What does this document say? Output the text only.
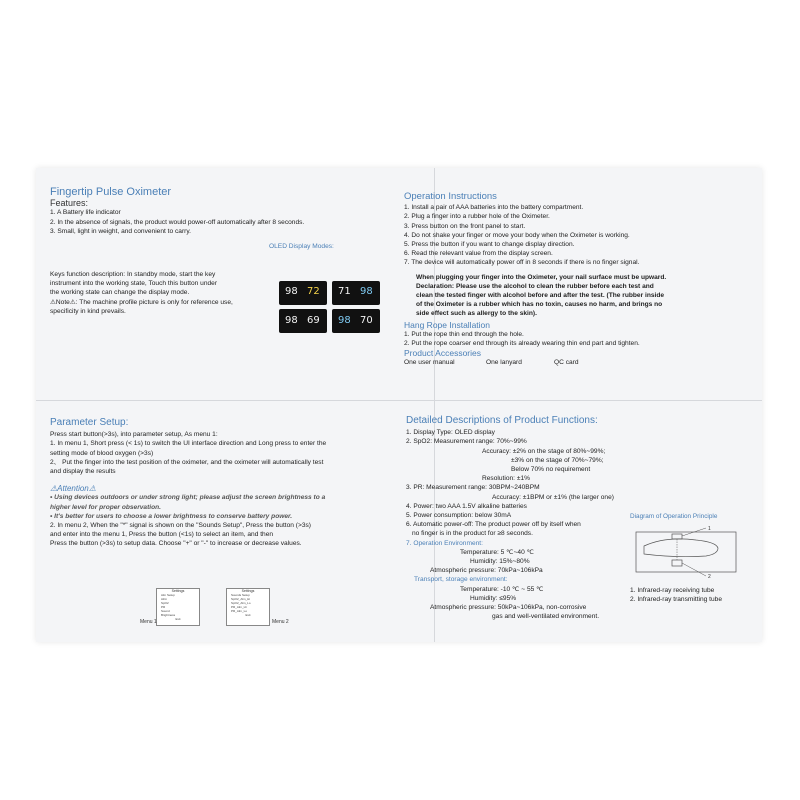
Fingertip Pulse Oximeter
Features:

1. A Battery life indicator

2. In the absence of signals, the product would power-off automatically after 8 seconds.

3. Small, light in weight, and convenient to carry.

OLED Display Modes:

Keys function description: In standby mode, start the key

instrument into the working state, Touch this button under

the working state can change the display mode.

⚠Note⚠: The machine profile picture is only for reference use,

specificity in kind prevails.

98 72 71 98
98 69 98 70
Operation Instructions

1. Install a pair of AAA batteries into the battery compartment.

2. Plug a finger into a rubber hole of the Oximeter.

3. Press button on the front panel to start.

4. Do not shake your finger or move your body when the Oximeter is working.

5. Press the button if you want to change display direction.

6. Read the relevant value from the display screen.

7. The device will automatically power off in 8 seconds if there is no finger signal.

When plugging your finger into the Oximeter, your nail surface must be upward.

Declaration: Please use the alcohol to clean the rubber before each test and

clean the tested finger with alcohol before and after the test. (The rubber inside

of the Oximeter is a rubber which has no toxin, causes no harm, and brings no

side effect such as allergy to the skin).

Hang Rope Installation

1. Put the rope thin end through the hole.

2. Put the rope coarser end through its already wearing thin end part and tighten.

Product Accessories
One user manual	One lanyard	QC card
Parameter Setup:

Press start button(>3s), into parameter setup, As menu 1:

1. In menu 1, Short press (< 1s) to switch the UI interface direction and Long press to enter the

setting mode of blood oxygen (>3s)

2、 Put the finger into the test position of the oximeter, and the oximeter will automatically test

and display the results

⚠Attention⚠

• Using devices outdoors or under strong light; please adjust the screen brightness to a

higher level for proper observation.

• It's better for users to choose a lower brightness to conserve battery power.

2. In menu 2, When the "*" signal is shown on the "Sounds Setup", Press the button (>3s)

and enter into the menu 1, Press the button (<1s) to select an item, and then

Press the button (>3s) to setup data. Choose "+" or "-" to increase or decrease values.

Settings
Alm Setup
Alrm
SpO2
PR
Sound
Brightness
Exit
Menu 1
Settings
Sounds Setup
SpO2_Alm_Hi
SpO2_Alm_Lo
PR_Alm_Hi
PR_Alm_Lo
Exit
Menu 2
Detailed Descriptions of Product Functions:

1. Display Type: OLED display

2. SpO2: Measurement range: 70%~99%

Accuracy: ±2% on the stage of 80%~99%;

±3% on the stage of 70%~79%;

Below 70% no requirement

Resolution: ±1%

3. PR: Measurement range: 30BPM~240BPM

Accuracy: ±1BPM or ±1% (the larger one)

4. Power: two AAA 1.5V alkaline batteries

5. Power consumption: below 30mA

6. Automatic power-off: The product power off by itself when

no finger is in the product for ≥8 seconds.

7. Operation Environment:

Temperature: 5 ℃~40 ℃

Humidity: 15%~80%

Atmospheric pressure: 70kPa~106kPa

Transport, storage environment:

Temperature: -10 ℃ ~ 55 ℃

Humidity: ≤95%

Atmospheric pressure: 50kPa~106kPa, non-corrosive

gas and well-ventilated environment.

Diagram of Operation Principle
1
2

1. Infrared-ray receiving tube

2. Infrared-ray transmitting tube
